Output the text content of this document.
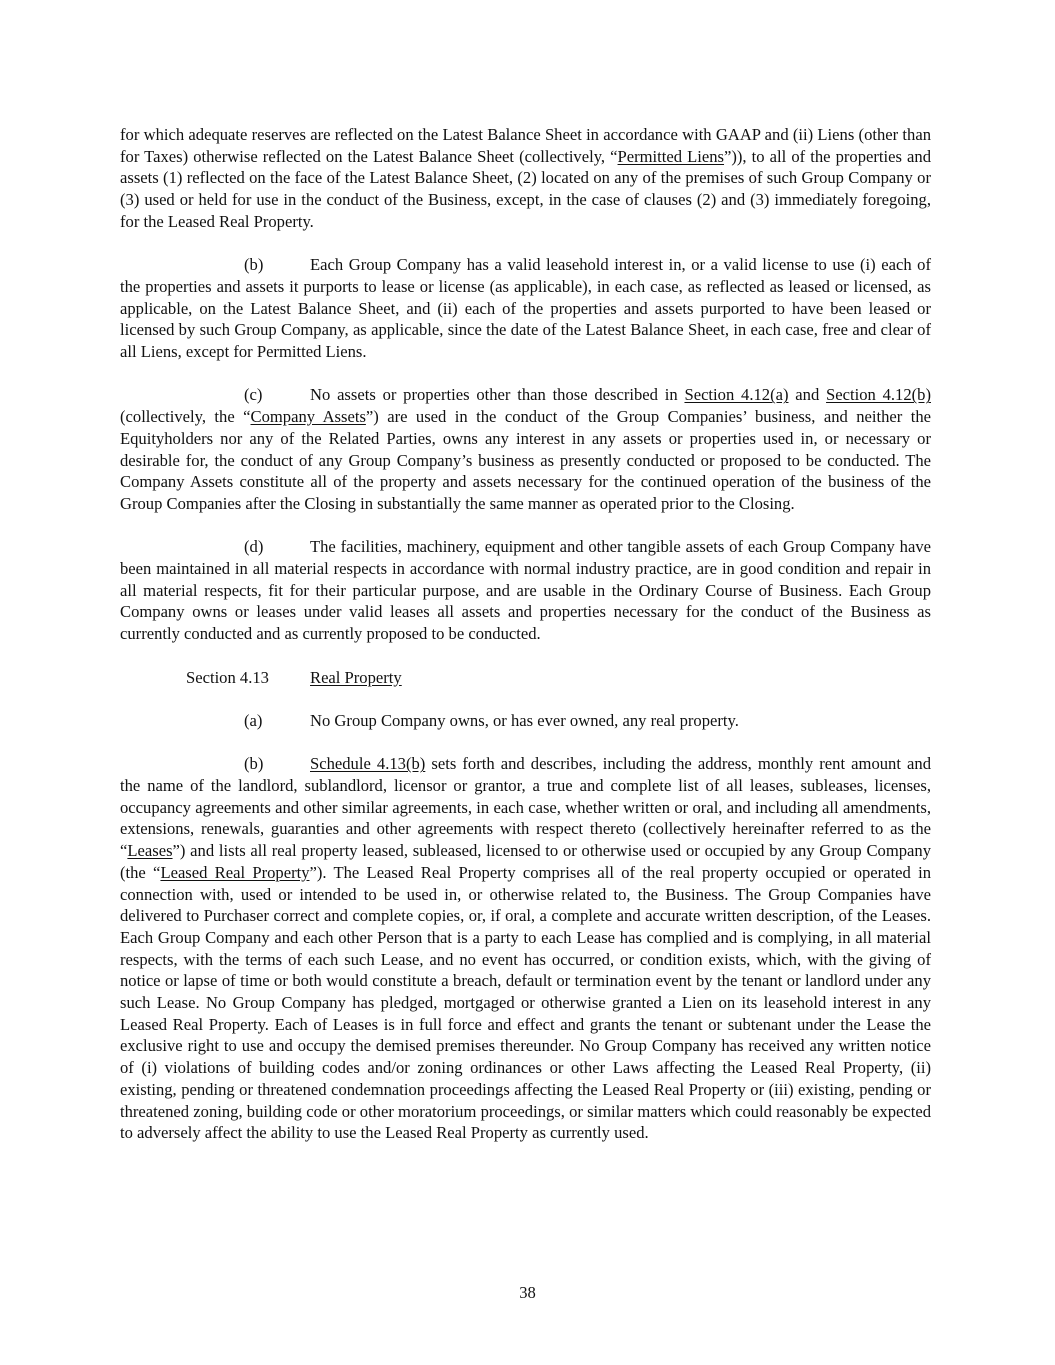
for which adequate reserves are reflected on the Latest Balance Sheet in accordance with GAAP and (ii) Liens (other than for Taxes) otherwise reflected on the Latest Balance Sheet (collectively, “Permitted Liens”)), to all of the properties and assets (1) reflected on the face of the Latest Balance Sheet, (2) located on any of the premises of such Group Company or (3) used or held for use in the conduct of the Business, except, in the case of clauses (2) and (3) immediately foregoing, for the Leased Real Property.

(b)	Each Group Company has a valid leasehold interest in, or a valid license to use (i) each of the properties and assets it purports to lease or license (as applicable), in each case, as reflected as leased or licensed, as applicable, on the Latest Balance Sheet, and (ii) each of the properties and assets purported to have been leased or licensed by such Group Company, as applicable, since the date of the Latest Balance Sheet, in each case, free and clear of all Liens, except for Permitted Liens.

(c)	No assets or properties other than those described in Section 4.12(a) and Section 4.12(b) (collectively, the “Company Assets”) are used in the conduct of the Group Companies’ business, and neither the Equityholders nor any of the Related Parties, owns any interest in any assets or properties used in, or necessary or desirable for, the conduct of any Group Company’s business as presently conducted or proposed to be conducted. The Company Assets constitute all of the property and assets necessary for the continued operation of the business of the Group Companies after the Closing in substantially the same manner as operated prior to the Closing.

(d)	The facilities, machinery, equipment and other tangible assets of each Group Company have been maintained in all material respects in accordance with normal industry practice, are in good condition and repair in all material respects, fit for their particular purpose, and are usable in the Ordinary Course of Business. Each Group Company owns or leases under valid leases all assets and properties necessary for the conduct of the Business as currently conducted and as currently proposed to be conducted.

Section 4.13 Real Property

(a)	No Group Company owns, or has ever owned, any real property.

(b)	Schedule 4.13(b) sets forth and describes, including the address, monthly rent amount and the name of the landlord, sublandlord, licensor or grantor, a true and complete list of all leases, subleases, licenses, occupancy agreements and other similar agreements, in each case, whether written or oral, and including all amendments, extensions, renewals, guaranties and other agreements with respect thereto (collectively hereinafter referred to as the “Leases”) and lists all real property leased, subleased, licensed to or otherwise used or occupied by any Group Company (the “Leased Real Property”). The Leased Real Property comprises all of the real property occupied or operated in connection with, used or intended to be used in, or otherwise related to, the Business. The Group Companies have delivered to Purchaser correct and complete copies, or, if oral, a complete and accurate written description, of the Leases. Each Group Company and each other Person that is a party to each Lease has complied and is complying, in all material respects, with the terms of each such Lease, and no event has occurred, or condition exists, which, with the giving of notice or lapse of time or both would constitute a breach, default or termination event by the tenant or landlord under any such Lease. No Group Company has pledged, mortgaged or otherwise granted a Lien on its leasehold interest in any Leased Real Property. Each of Leases is in full force and effect and grants the tenant or subtenant under the Lease the exclusive right to use and occupy the demised premises thereunder. No Group Company has received any written notice of (i) violations of building codes and/or zoning ordinances or other Laws affecting the Leased Real Property, (ii) existing, pending or threatened condemnation proceedings affecting the Leased Real Property or (iii) existing, pending or threatened zoning, building code or other moratorium proceedings, or similar matters which could reasonably be expected to adversely affect the ability to use the Leased Real Property as currently used.

38
